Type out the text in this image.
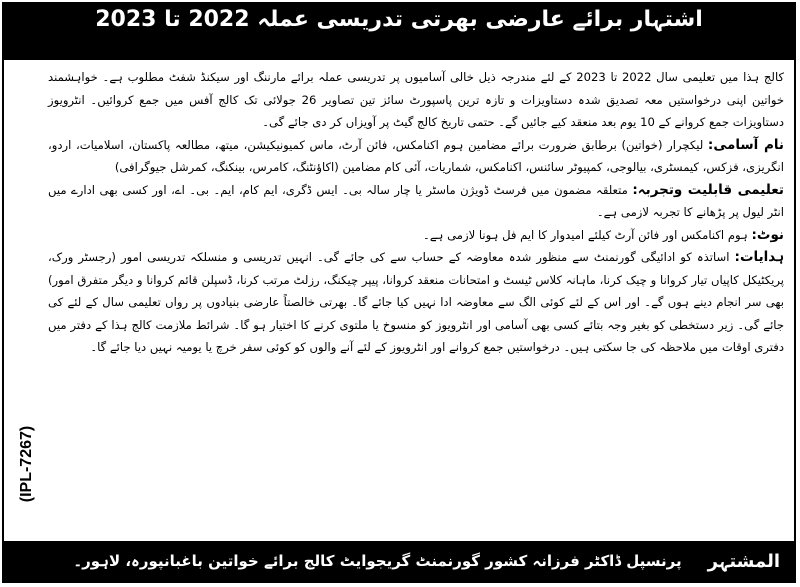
اشتہار برائے عارضی بھرتی تدریسی عملہ 2022 تا 2023

کالج ہذا میں تعلیمی سال 2022 تا 2023 کے لئے مندرجہ ذیل خالی آسامیوں پر تدریسی عملہ برائے مارننگ اور سیکنڈ شفٹ مطلوب ہے۔ خواہشمند خواتین اپنی درخواستیں معہ تصدیق شدہ دستاویزات و تازہ ترین پاسپورٹ سائز تین تصاویر 26 جولائی تک کالج آفس میں جمع کروائیں۔ انٹرویوز دستاویزات جمع کروانے کے 10 یوم بعد منعقد کیے جائیں گے۔ حتمی تاریخ کالج گیٹ پر آویزاں کر دی جائے گی۔

نام آسامی: لیکچرار (خواتین) برطابق ضرورت برائے مضامین ہوم اکنامکس، فائن آرٹ، ماس کمیونیکیشن، میتھ، مطالعہ پاکستان، اسلامیات، اردو، انگریزی، فزکس، کیمسٹری، بیالوجی، کمپیوٹر سائنس، اکنامکس، شماریات، آئی کام مضامین (اکاؤنٹنگ، کامرس، بینکنگ، کمرشل جیوگرافی)

تعلیمی قابلیت وتجربہ: متعلقہ مضمون میں فرسٹ ڈویژن ماسٹر یا چار سالہ بی۔ ایس ڈگری، ایم کام، ایم۔ بی۔ اے، اور کسی بھی ادارے میں انٹر لیول پر پڑھانے کا تجربہ لازمی ہے۔

نوٹ: ہوم اکنامکس اور فائن آرٹ کیلئے امیدوار کا ایم فل ہونا لازمی ہے۔

ہدایات: اساتذہ کو ادائیگی گورنمنٹ سے منظور شدہ معاوضہ کے حساب سے کی جائے گی۔ انہیں تدریسی و منسلکہ تدریسی امور (رجسٹر ورک، پریکٹیکل کاپیاں تیار کروانا و چیک کرنا، ماہانہ کلاس ٹیسٹ و امتحانات منعقد کروانا، پیپر چیکنگ، رزلٹ مرتب کرنا، ڈسپلن قائم کروانا و دیگر متفرق امور) بھی سر انجام دینے ہوں گے۔ اور اس کے لئے کوئی الگ سے معاوضہ ادا نہیں کیا جائے گا۔ بھرتی خالصتاً عارضی بنیادوں پر رواں تعلیمی سال کے لئے کی جائے گی۔ زیر دستخطی کو بغیر وجہ بتائے کسی بھی آسامی اور انٹرویوز کو منسوخ یا ملتوی کرنے کا اختیار ہو گا۔ شرائط ملازمت کالج ہذا کے دفتر میں دفتری اوقات میں ملاحظہ کی جا سکتی ہیں۔ درخواستیں جمع کروانے اور انٹرویوز کے لئے آنے والوں کو کوئی سفر خرچ یا یومیہ نہیں دیا جائے گا۔

(IPL-7267)
المشتہر
پرنسپل ڈاکٹر فرزانہ کشور گورنمنٹ گریجوایٹ کالج برائے خواتین باغبانپورہ، لاہور۔
